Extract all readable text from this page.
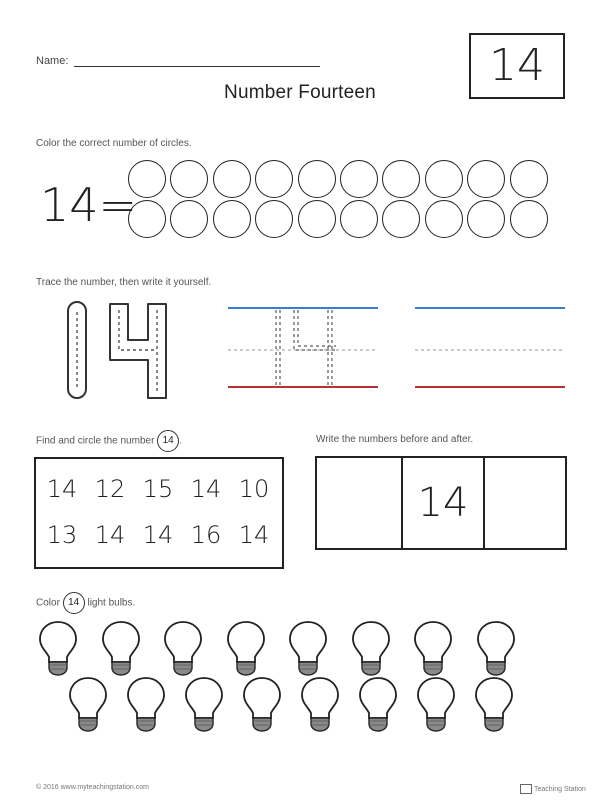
Name:	14
Number Fourteen
Color the correct number of circles.
14=
Trace the number, then write it yourself.
Find and circle the number 14 .
14 12 15 14 10
13 14 14 16 14
Write the numbers before and after.
14
Color 14 light bulbs.
© 2016 www.myteachingstation.com	Teaching Station
